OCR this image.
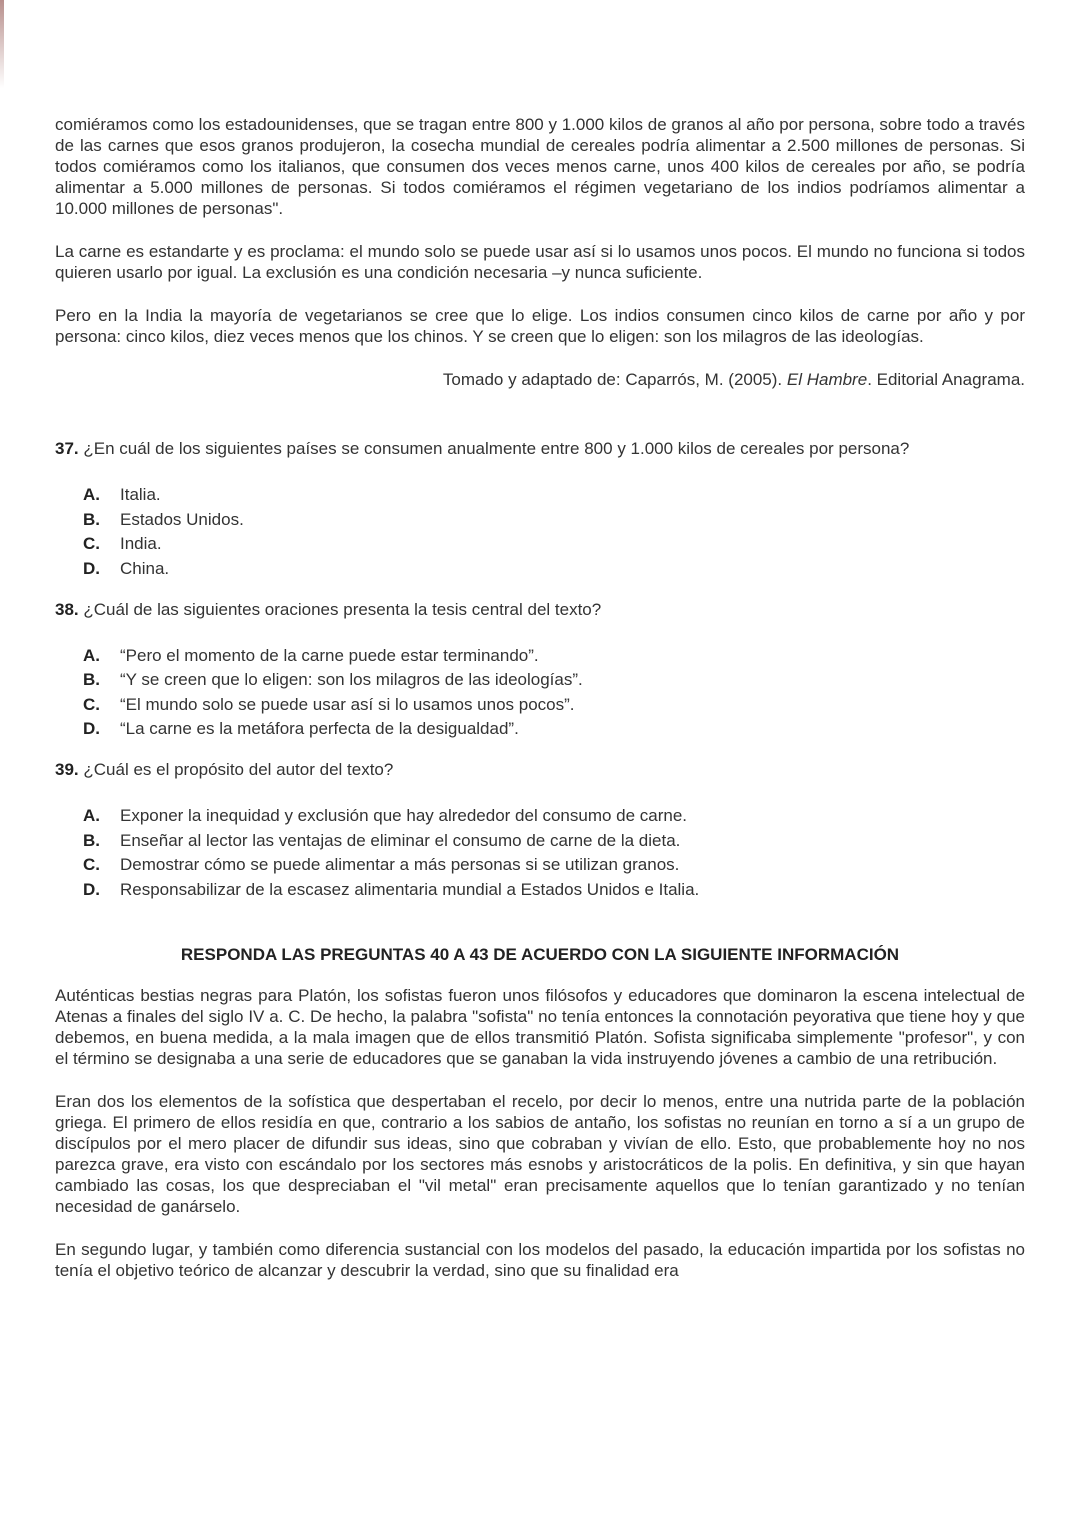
comiéramos como los estadounidenses, que se tragan entre 800 y 1.000 kilos de granos al año por persona, sobre todo a través de las carnes que esos granos produjeron, la cosecha mundial de cereales podría alimentar a 2.500 millones de personas. Si todos comiéramos como los italianos, que consumen dos veces menos carne, unos 400 kilos de cereales por año, se podría alimentar a 5.000 millones de personas. Si todos comiéramos el régimen vegetariano de los indios podríamos alimentar a 10.000 millones de personas".

La carne es estandarte y es proclama: el mundo solo se puede usar así si lo usamos unos pocos. El mundo no funciona si todos quieren usarlo por igual. La exclusión es una condición necesaria –y nunca suficiente.

Pero en la India la mayoría de vegetarianos se cree que lo elige. Los indios consumen cinco kilos de carne por año y por persona: cinco kilos, diez veces menos que los chinos. Y se creen que lo eligen: son los milagros de las ideologías.

Tomado y adaptado de: Caparrós, M. (2005). El Hambre. Editorial Anagrama.

37. ¿En cuál de los siguientes países se consumen anualmente entre 800 y 1.000 kilos de cereales por persona?

A. Italia.
B. Estados Unidos.
C. India.
D. China.

38. ¿Cuál de las siguientes oraciones presenta la tesis central del texto?

A. “Pero el momento de la carne puede estar terminando”.
B. “Y se creen que lo eligen: son los milagros de las ideologías”.
C. “El mundo solo se puede usar así si lo usamos unos pocos”.
D. “La carne es la metáfora perfecta de la desigualdad”.

39. ¿Cuál es el propósito del autor del texto?

A. Exponer la inequidad y exclusión que hay alrededor del consumo de carne.
B. Enseñar al lector las ventajas de eliminar el consumo de carne de la dieta.
C. Demostrar cómo se puede alimentar a más personas si se utilizan granos.
D. Responsabilizar de la escasez alimentaria mundial a Estados Unidos e Italia.
RESPONDA LAS PREGUNTAS 40 A 43 DE ACUERDO CON LA SIGUIENTE INFORMACIÓN

Auténticas bestias negras para Platón, los sofistas fueron unos filósofos y educadores que dominaron la escena intelectual de Atenas a finales del siglo IV a. C. De hecho, la palabra "sofista" no tenía entonces la connotación peyorativa que tiene hoy y que debemos, en buena medida, a la mala imagen que de ellos transmitió Platón. Sofista significaba simplemente "profesor", y con el término se designaba a una serie de educadores que se ganaban la vida instruyendo jóvenes a cambio de una retribución.

Eran dos los elementos de la sofística que despertaban el recelo, por decir lo menos, entre una nutrida parte de la población griega. El primero de ellos residía en que, contrario a los sabios de antaño, los sofistas no reunían en torno a sí a un grupo de discípulos por el mero placer de difundir sus ideas, sino que cobraban y vivían de ello. Esto, que probablemente hoy no nos parezca grave, era visto con escándalo por los sectores más esnobs y aristocráticos de la polis. En definitiva, y sin que hayan cambiado las cosas, los que despreciaban el "vil metal" eran precisamente aquellos que lo tenían garantizado y no tenían necesidad de ganárselo.

En segundo lugar, y también como diferencia sustancial con los modelos del pasado, la educación impartida por los sofistas no tenía el objetivo teórico de alcanzar y descubrir la verdad, sino que su finalidad era
